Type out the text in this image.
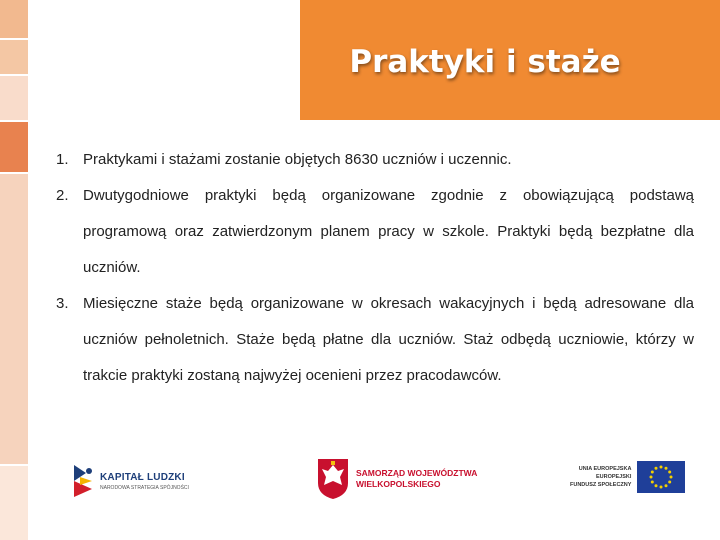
Praktyki i staże
1. Praktykami i stażami zostanie objętych 8630 uczniów i uczennic.
2. Dwutygodniowe praktyki będą organizowane zgodnie z obowiązującą podstawą programową oraz zatwierdzonym planem pracy w szkole. Praktyki będą bezpłatne dla uczniów.
3. Miesięczne staże będą organizowane w okresach wakacyjnych i będą adresowane dla uczniów pełnoletnich. Staże będą płatne dla uczniów. Staż odbędą uczniowie, którzy w trakcie praktyki zostaną najwyżej ocenieni przez pracodawców.
KAPITAŁ LUDZKI
NARODOWA STRATEGIA SPÓJNOŚCI
SAMORZĄD WOJEWÓDZTWA
WIELKOPOLSKIEGO
UNIA EUROPEJSKA
EUROPEJSKI
FUNDUSZ SPOŁECZNY
